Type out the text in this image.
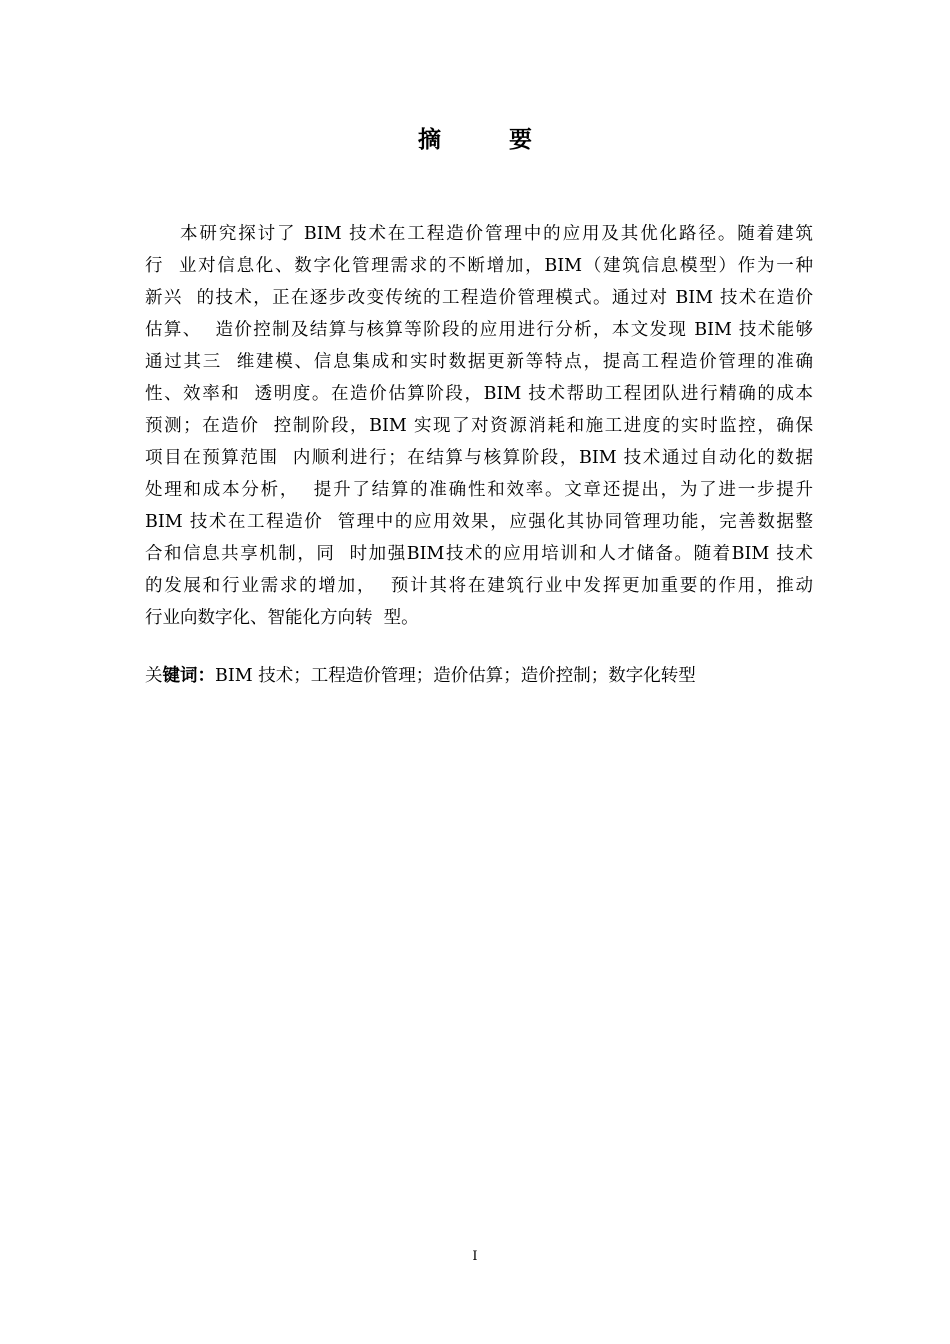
摘 要
本研究探讨了 BIM 技术在工程造价管理中的应用及其优化路径。随着建筑
行  业对信息化、数字化管理需求的不断增加，BIM（建筑信息模型）作为一种
新兴  的技术，正在逐步改变传统的工程造价管理模式。通过对 BIM 技术在造价
估算、  造价控制及结算与核算等阶段的应用进行分析，本文发现 BIM 技术能够
通过其三  维建模、信息集成和实时数据更新等特点，提高工程造价管理的准确
性、效率和  透明度。在造价估算阶段，BIM 技术帮助工程团队进行精确的成本
预测；在造价  控制阶段，BIM 实现了对资源消耗和施工进度的实时监控，确保
项目在预算范围  内顺利进行；在结算与核算阶段，BIM 技术通过自动化的数据
处理和成本分析，  提升了结算的准确性和效率。文章还提出，为了进一步提升
BIM 技术在工程造价  管理中的应用效果，应强化其协同管理功能，完善数据整
合和信息共享机制，同  时加强BIM技术的应用培训和人才储备。随着BIM 技术
的发展和行业需求的增加，  预计其将在建筑行业中发挥更加重要的作用，推动
行业向数字化、智能化方向转  型。
关键词：BIM 技术；工程造价管理；造价估算；造价控制；数字化转型
I
